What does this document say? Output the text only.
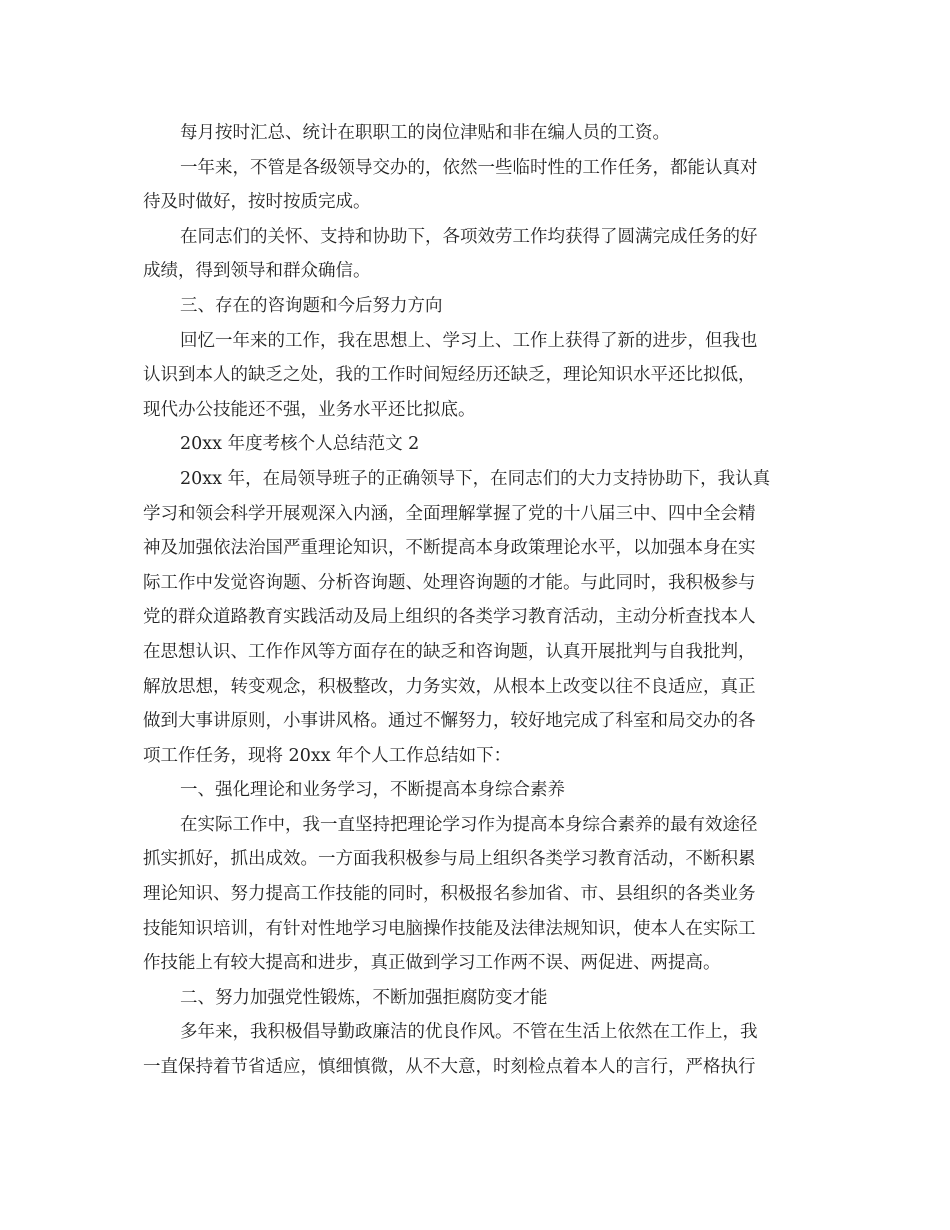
每月按时汇总、统计在职职工的岗位津贴和非在编人员的工资。
一年来，不管是各级领导交办的，依然一些临时性的工作任务，都能认真对
待及时做好，按时按质完成。
在同志们的关怀、支持和协助下，各项效劳工作均获得了圆满完成任务的好
成绩，得到领导和群众确信。
三、存在的咨询题和今后努力方向
回忆一年来的工作，我在思想上、学习上、工作上获得了新的进步，但我也
认识到本人的缺乏之处，我的工作时间短经历还缺乏，理论知识水平还比拟低，
现代办公技能还不强，业务水平还比拟底。
20xx 年度考核个人总结范文 2
20xx 年，在局领导班子的正确领导下，在同志们的大力支持协助下，我认真
学习和领会科学开展观深入内涵，全面理解掌握了党的十八届三中、四中全会精
神及加强依法治国严重理论知识，不断提高本身政策理论水平，以加强本身在实
际工作中发觉咨询题、分析咨询题、处理咨询题的才能。与此同时，我积极参与
党的群众道路教育实践活动及局上组织的各类学习教育活动，主动分析查找本人
在思想认识、工作作风等方面存在的缺乏和咨询题，认真开展批判与自我批判，
解放思想，转变观念，积极整改，力务实效，从根本上改变以往不良适应，真正
做到大事讲原则，小事讲风格。通过不懈努力，较好地完成了科室和局交办的各
项工作任务，现将 20xx 年个人工作总结如下：
一、强化理论和业务学习，不断提高本身综合素养
在实际工作中，我一直坚持把理论学习作为提高本身综合素养的最有效途径
抓实抓好，抓出成效。一方面我积极参与局上组织各类学习教育活动，不断积累
理论知识、努力提高工作技能的同时，积极报名参加省、市、县组织的各类业务
技能知识培训，有针对性地学习电脑操作技能及法律法规知识，使本人在实际工
作技能上有较大提高和进步，真正做到学习工作两不误、两促进、两提高。
二、努力加强党性锻炼，不断加强拒腐防变才能
多年来，我积极倡导勤政廉洁的优良作风。不管在生活上依然在工作上，我
一直保持着节省适应，慎细慎微，从不大意，时刻检点着本人的言行，严格执行
